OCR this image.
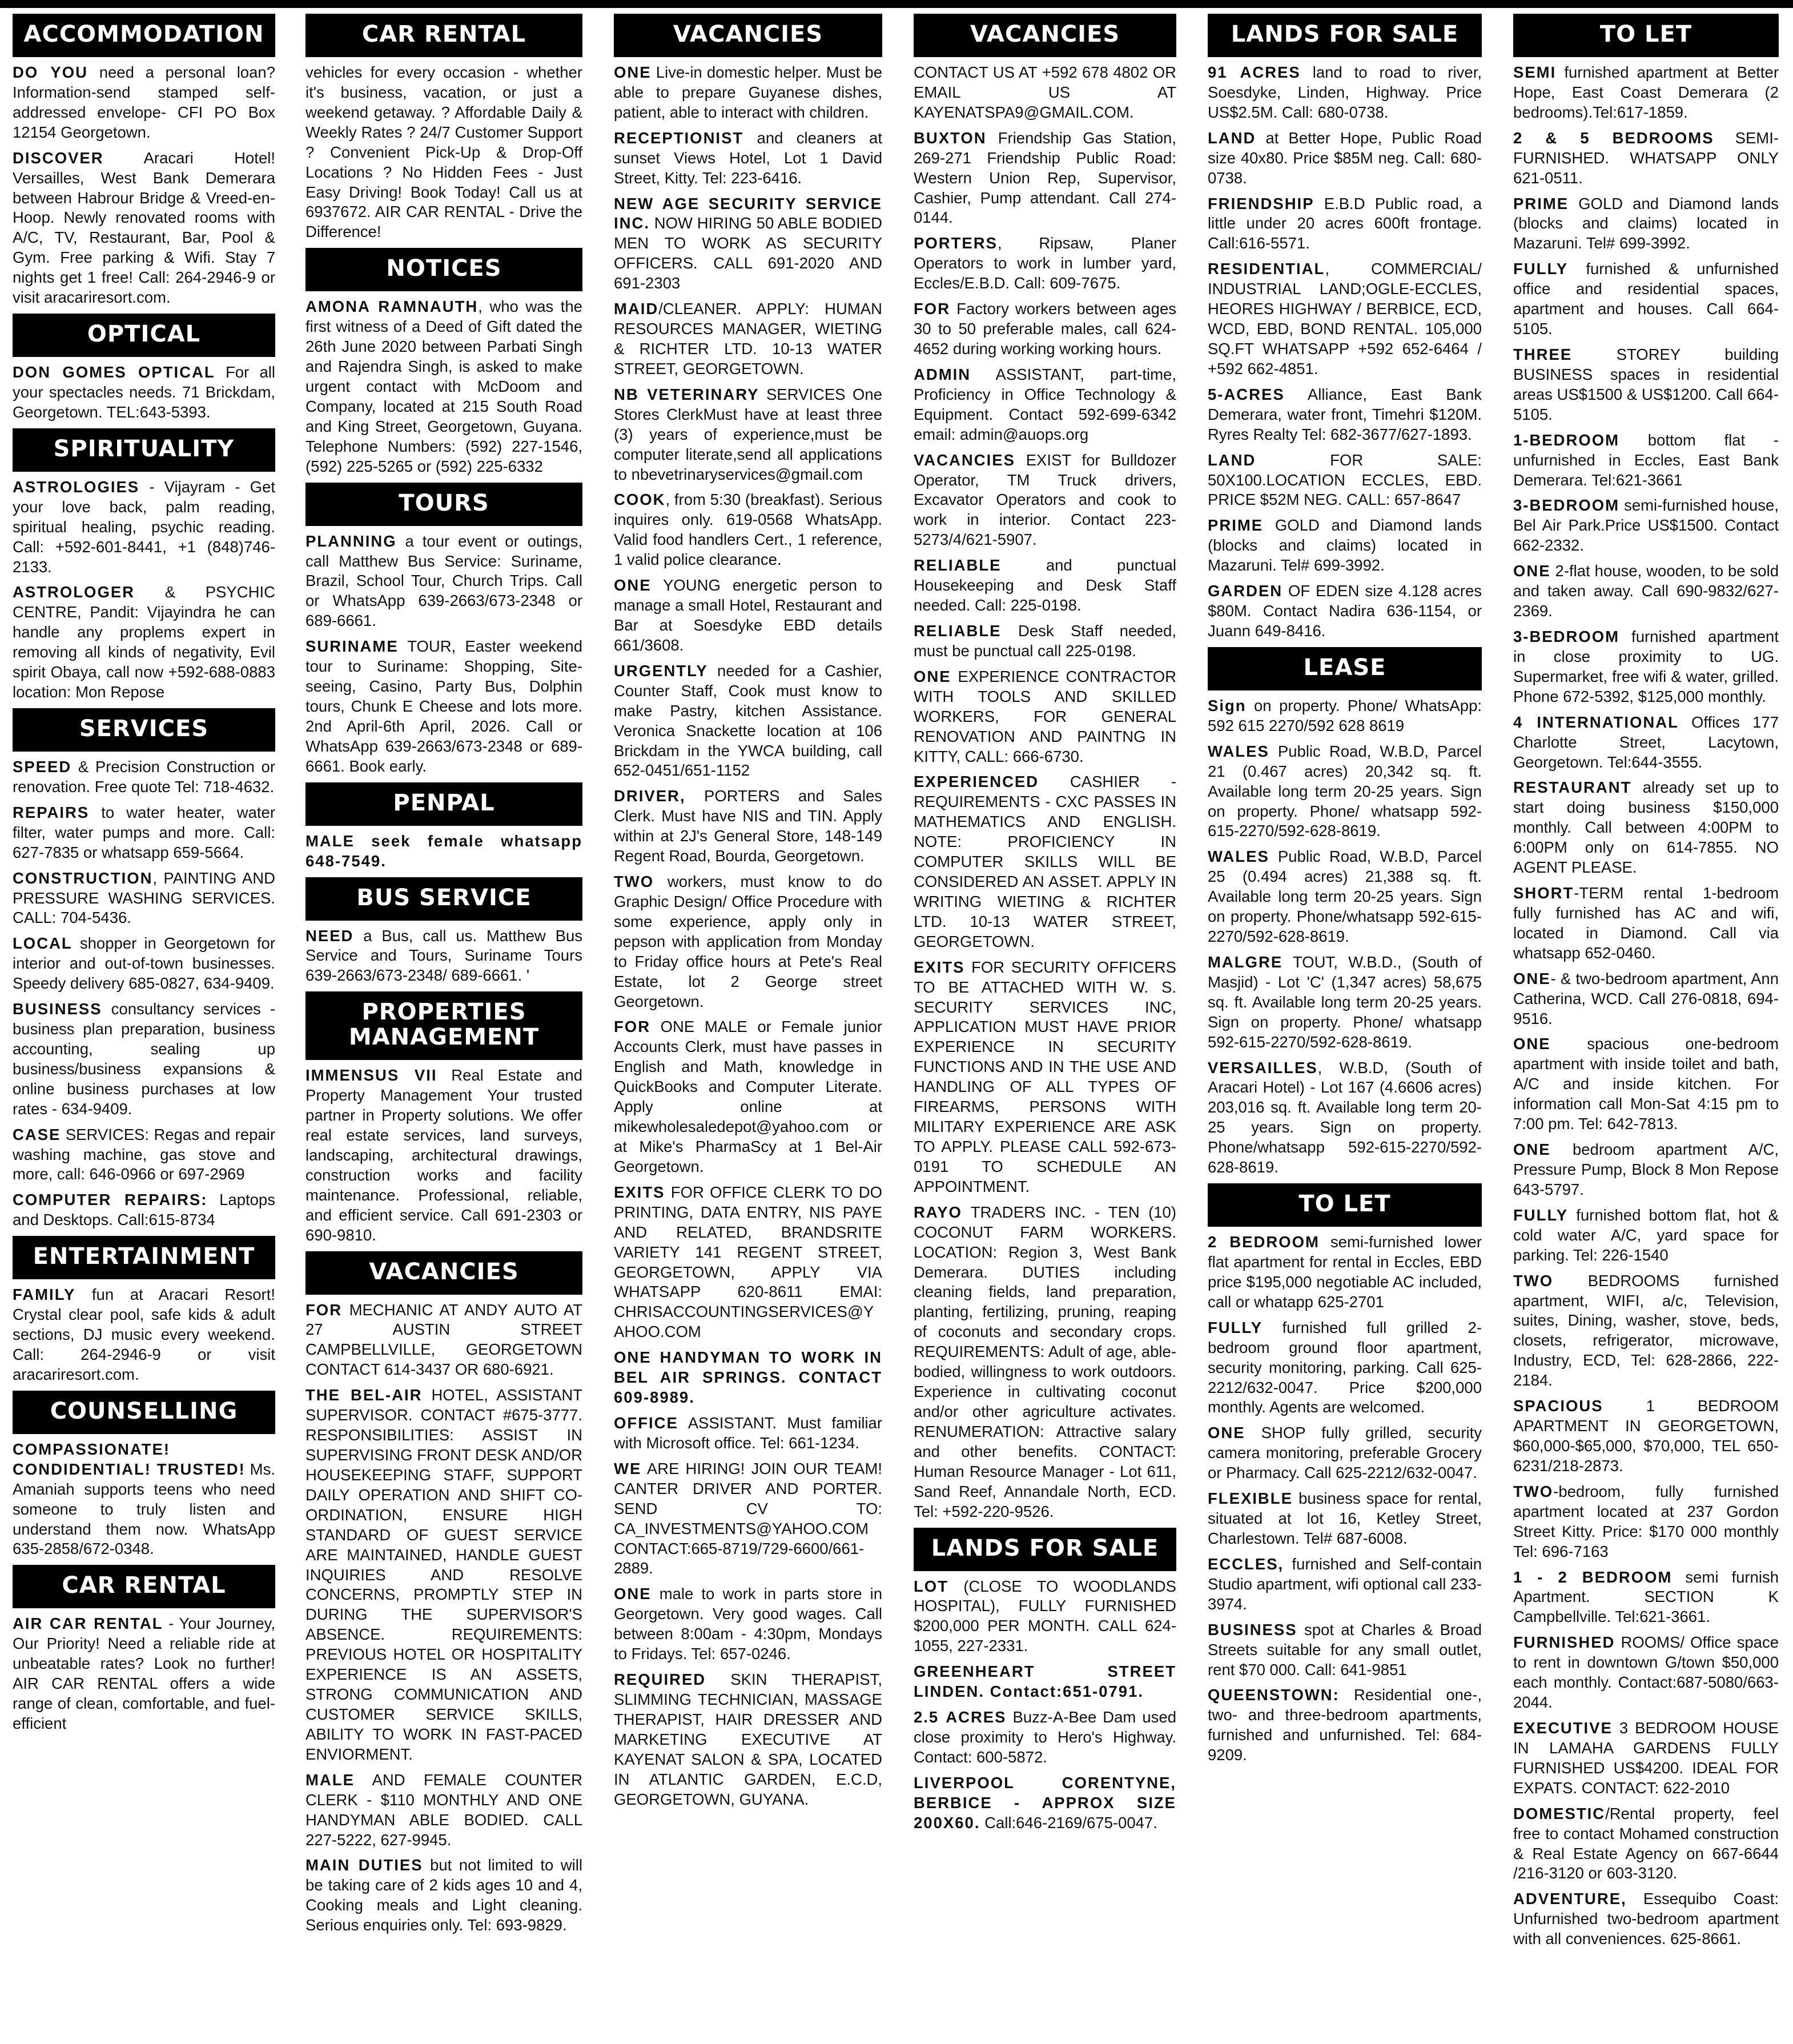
ACCOMMODATION
DO YOU need a personal loan? Information-send stamped self-addressed envelope- CFI PO Box 12154 Georgetown.
DISCOVER Aracari Hotel! Versailles, West Bank Demerara between Habrour Bridge & Vreed-en-Hoop. Newly renovated rooms with A/C, TV, Restaurant, Bar, Pool & Gym. Free parking & Wifi. Stay 7 nights get 1 free! Call: 264-2946-9 or visit aracariresort.com.
OPTICAL
DON GOMES OPTICAL For all your spectacles needs. 71 Brickdam, Georgetown. TEL:643-5393.
SPIRITUALITY
ASTROLOGIES - Vijayram - Get your love back, palm reading, spiritual healing, psychic reading. Call: +592-601-8441, +1 (848)746-2133.
ASTROLOGER & PSYCHIC CENTRE, Pandit: Vijayindra he can handle any proplems expert in removing all kinds of negativity, Evil spirit Obaya, call now +592-688-0883 location: Mon Repose
SERVICES
SPEED & Precision Construction or renovation. Free quote Tel: 718-4632.
REPAIRS to water heater, water filter, water pumps and more. Call: 627-7835 or whatsapp 659-5664.
CONSTRUCTION, PAINTING AND PRESSURE WASHING SERVICES. CALL: 704-5436.
LOCAL shopper in Georgetown for interior and out-of-town businesses. Speedy delivery 685-0827, 634-9409.
BUSINESS consultancy services - business plan preparation, business accounting, sealing up business/business expansions & online business purchases at low rates - 634-9409.
CASE SERVICES: Regas and repair washing machine, gas stove and more, call: 646-0966 or 697-2969
COMPUTER REPAIRS: Laptops and Desktops. Call:615-8734
ENTERTAINMENT
FAMILY fun at Aracari Resort! Crystal clear pool, safe kids & adult sections, DJ music every weekend. Call: 264-2946-9 or visit aracariresort.com.
COUNSELLING
COMPASSIONATE! CONDIDENTIAL! TRUSTED! Ms. Amaniah supports teens who need someone to truly listen and understand them now. WhatsApp 635-2858/672-0348.
CAR RENTAL
AIR CAR RENTAL - Your Journey, Our Priority! Need a reliable ride at unbeatable rates? Look no further! AIR CAR RENTAL offers a wide range of clean, comfortable, and fuel-efficient
CAR RENTAL
vehicles for every occasion - whether it's business, vacation, or just a weekend getaway. ? Affordable Daily & Weekly Rates ? 24/7 Customer Support ? Convenient Pick-Up & Drop-Off Locations ? No Hidden Fees - Just Easy Driving! Book Today! Call us at 6937672. AIR CAR RENTAL - Drive the Difference!
NOTICES
AMONA RAMNAUTH, who was the first witness of a Deed of Gift dated the 26th June 2020 between Parbati Singh and Rajendra Singh, is asked to make urgent contact with McDoom and Company, located at 215 South Road and King Street, Georgetown, Guyana. Telephone Numbers: (592) 227-1546, (592) 225-5265 or (592) 225-6332
TOURS
PLANNING a tour event or outings, call Matthew Bus Service: Suriname, Brazil, School Tour, Church Trips. Call or WhatsApp 639-2663/673-2348 or 689-6661.
SURINAME TOUR, Easter weekend tour to Suriname: Shopping, Site-seeing, Casino, Party Bus, Dolphin tours, Chunk E Cheese and lots more. 2nd April-6th April, 2026. Call or WhatsApp 639-2663/673-2348 or 689-6661. Book early.
PENPAL
MALE seek female whatsapp 648-7549.
BUS SERVICE
NEED a Bus, call us. Matthew Bus Service and Tours, Suriname Tours 639-2663/673-2348/ 689-6661. '
PROPERTIES MANAGEMENT
IMMENSUS VII Real Estate and Property Management Your trusted partner in Property solutions. We offer real estate services, land surveys, landscaping, architectural drawings, construction works and facility maintenance. Professional, reliable, and efficient service. Call 691-2303 or 690-9810.
VACANCIES
FOR MECHANIC AT ANDY AUTO AT 27 AUSTIN STREET CAMPBELLVILLE, GEORGETOWN CONTACT 614-3437 OR 680-6921.
THE BEL-AIR HOTEL, ASSISTANT SUPERVISOR. CONTACT #675-3777. RESPONSIBILITIES: ASSIST IN SUPERVISING FRONT DESK AND/OR HOUSEKEEPING STAFF, SUPPORT DAILY OPERATION AND SHIFT CO-ORDINATION, ENSURE HIGH STANDARD OF GUEST SERVICE ARE MAINTAINED, HANDLE GUEST INQUIRIES AND RESOLVE CONCERNS, PROMPTLY STEP IN DURING THE SUPERVISOR'S ABSENCE. REQUIREMENTS: PREVIOUS HOTEL OR HOSPITALITY EXPERIENCE IS AN ASSETS, STRONG COMMUNICATION AND CUSTOMER SERVICE SKILLS, ABILITY TO WORK IN FAST-PACED ENVIORMENT.
MALE AND FEMALE COUNTER CLERK - $110 MONTHLY AND ONE HANDYMAN ABLE BODIED. CALL 227-5222, 627-9945.
MAIN DUTIES but not limited to will be taking care of 2 kids ages 10 and 4, Cooking meals and Light cleaning. Serious enquiries only. Tel: 693-9829.
VACANCIES
ONE Live-in domestic helper. Must be able to prepare Guyanese dishes, patient, able to interact with children.
RECEPTIONIST and cleaners at sunset Views Hotel, Lot 1 David Street, Kitty. Tel: 223-6416.
NEW AGE SECURITY SERVICE INC. NOW HIRING 50 ABLE BODIED MEN TO WORK AS SECURITY OFFICERS. CALL 691-2020 AND 691-2303
MAID/CLEANER. APPLY: HUMAN RESOURCES MANAGER, WIETING & RICHTER LTD. 10-13 WATER STREET, GEORGETOWN.
NB VETERINARY SERVICES One Stores ClerkMust have at least three (3) years of experience,must be computer literate,send all applications to nbevetrinaryservices@gmail.com
COOK, from 5:30 (breakfast). Serious inquires only. 619-0568 WhatsApp. Valid food handlers Cert., 1 reference, 1 valid police clearance.
ONE YOUNG energetic person to manage a small Hotel, Restaurant and Bar at Soesdyke EBD details 661/3608.
URGENTLY needed for a Cashier, Counter Staff, Cook must know to make Pastry, kitchen Assistance. Veronica Snackette location at 106 Brickdam in the YWCA building, call 652-0451/651-1152
DRIVER, PORTERS and Sales Clerk. Must have NIS and TIN. Apply within at 2J's General Store, 148-149 Regent Road, Bourda, Georgetown.
TWO workers, must know to do Graphic Design/ Office Procedure with some experience, apply only in pepson with application from Monday to Friday office hours at Pete's Real Estate, lot 2 George street Georgetown.
FOR ONE MALE or Female junior Accounts Clerk, must have passes in English and Math, knowledge in QuickBooks and Computer Literate. Apply online at mikewholesaledepot@yahoo.com or at Mike's PharmaScy at 1 Bel-Air Georgetown.
EXITS FOR OFFICE CLERK TO DO PRINTING, DATA ENTRY, NIS PAYE AND RELATED, BRANDSRITE VARIETY 141 REGENT STREET, GEORGETOWN, APPLY VIA WHATSAPP 620-8611 EMAI: CHRISACCOUNTINGSERVICES@YAHOO.COM
ONE HANDYMAN TO WORK IN BEL AIR SPRINGS. CONTACT 609-8989.
OFFICE ASSISTANT. Must familiar with Microsoft office. Tel: 661-1234.
WE ARE HIRING! JOIN OUR TEAM! CANTER DRIVER AND PORTER. SEND CV TO: CA_INVESTMENTS@YAHOO.COM CONTACT:665-8719/729-6600/661-2889.
ONE male to work in parts store in Georgetown. Very good wages. Call between 8:00am - 4:30pm, Mondays to Fridays. Tel: 657-0246.
REQUIRED SKIN THERAPIST, SLIMMING TECHNICIAN, MASSAGE THERAPIST, HAIR DRESSER AND MARKETING EXECUTIVE AT KAYENAT SALON & SPA, LOCATED IN ATLANTIC GARDEN, E.C.D, GEORGETOWN, GUYANA.
VACANCIES
CONTACT US AT +592 678 4802 OR EMAIL US AT KAYENATSPA9@GMAIL.COM.
BUXTON Friendship Gas Station, 269-271 Friendship Public Road: Western Union Rep, Supervisor, Cashier, Pump attendant. Call 274-0144.
PORTERS, Ripsaw, Planer Operators to work in lumber yard, Eccles/E.B.D. Call: 609-7675.
FOR Factory workers between ages 30 to 50 preferable males, call 624-4652 during working working hours.
ADMIN ASSISTANT, part-time, Proficiency in Office Technology & Equipment. Contact 592-699-6342 email: admin@auops.org
VACANCIES EXIST for Bulldozer Operator, TM Truck drivers, Excavator Operators and cook to work in interior. Contact 223-5273/4/621-5907.
RELIABLE and punctual Housekeeping and Desk Staff needed. Call: 225-0198.
RELIABLE Desk Staff needed, must be punctual call 225-0198.
ONE EXPERIENCE CONTRACTOR WITH TOOLS AND SKILLED WORKERS, FOR GENERAL RENOVATION AND PAINTNG IN KITTY, CALL: 666-6730.
EXPERIENCED CASHIER - REQUIREMENTS - CXC PASSES IN MATHEMATICS AND ENGLISH. NOTE: PROFICIENCY IN COMPUTER SKILLS WILL BE CONSIDERED AN ASSET. APPLY IN WRITING WIETING & RICHTER LTD. 10-13 WATER STREET, GEORGETOWN.
EXITS FOR SECURITY OFFICERS TO BE ATTACHED WITH W. S. SECURITY SERVICES INC, APPLICATION MUST HAVE PRIOR EXPERIENCE IN SECURITY FUNCTIONS AND IN THE USE AND HANDLING OF ALL TYPES OF FIREARMS, PERSONS WITH MILITARY EXPERIENCE ARE ASK TO APPLY. PLEASE CALL 592-673-0191 TO SCHEDULE AN APPOINTMENT.
RAYO TRADERS INC. - TEN (10) COCONUT FARM WORKERS. LOCATION: Region 3, West Bank Demerara. DUTIES including cleaning fields, land preparation, planting, fertilizing, pruning, reaping of coconuts and secondary crops. REQUIREMENTS: Adult of age, able-bodied, willingness to work outdoors. Experience in cultivating coconut and/or other agriculture activates. RENUMERATION: Attractive salary and other benefits. CONTACT: Human Resource Manager - Lot 611, Sand Reef, Annandale North, ECD. Tel: +592-220-9526.
LANDS FOR SALE
LOT (CLOSE TO WOODLANDS HOSPITAL), FULLY FURNISHED $200,000 PER MONTH. CALL 624-1055, 227-2331.
GREENHEART STREET LINDEN. Contact:651-0791.
2.5 ACRES Buzz-A-Bee Dam used close proximity to Hero's Highway. Contact: 600-5872.
LIVERPOOL CORENTYNE, BERBICE - APPROX SIZE 200X60. Call:646-2169/675-0047.
LANDS FOR SALE
91 ACRES land to road to river, Soesdyke, Linden, Highway. Price US$2.5M. Call: 680-0738.
LAND at Better Hope, Public Road size 40x80. Price $85M neg. Call: 680-0738.
FRIENDSHIP E.B.D Public road, a little under 20 acres 600ft frontage. Call:616-5571.
RESIDENTIAL, COMMERCIAL/ INDUSTRIAL LAND;OGLE-ECCLES, HEORES HIGHWAY / BERBICE, ECD, WCD, EBD, BOND RENTAL. 105,000 SQ.FT WHATSAPP +592 652-6464 / +592 662-4851.
5-ACRES Alliance, East Bank Demerara, water front, Timehri $120M. Ryres Realty Tel: 682-3677/627-1893.
LAND FOR SALE: 50X100.LOCATION ECCLES, EBD. PRICE $52M NEG. CALL: 657-8647
PRIME GOLD and Diamond lands (blocks and claims) located in Mazaruni. Tel# 699-3992.
GARDEN OF EDEN size 4.128 acres $80M. Contact Nadira 636-1154, or Juann 649-8416.
LEASE
Sign on property. Phone/ WhatsApp: 592 615 2270/592 628 8619
WALES Public Road, W.B.D, Parcel 21 (0.467 acres) 20,342 sq. ft. Available long term 20-25 years. Sign on property. Phone/ whatsapp 592-615-2270/592-628-8619.
WALES Public Road, W.B.D, Parcel 25 (0.494 acres) 21,388 sq. ft. Available long term 20-25 years. Sign on property. Phone/whatsapp 592-615-2270/592-628-8619.
MALGRE TOUT, W.B.D., (South of Masjid) - Lot 'C' (1,347 acres) 58,675 sq. ft. Available long term 20-25 years. Sign on property. Phone/ whatsapp 592-615-2270/592-628-8619.
VERSAILLES, W.B.D, (South of Aracari Hotel) - Lot 167 (4.6606 acres) 203,016 sq. ft. Available long term 20-25 years. Sign on property. Phone/whatsapp 592-615-2270/592-628-8619.
TO LET
2 BEDROOM semi-furnished lower flat apartment for rental in Eccles, EBD price $195,000 negotiable AC included, call or whatapp 625-2701
FULLY furnished full grilled 2-bedroom ground floor apartment, security monitoring, parking. Call 625-2212/632-0047. Price $200,000 monthly. Agents are welcomed.
ONE SHOP fully grilled, security camera monitoring, preferable Grocery or Pharmacy. Call 625-2212/632-0047.
FLEXIBLE business space for rental, situated at lot 16, Ketley Street, Charlestown. Tel# 687-6008.
ECCLES, furnished and Self-contain Studio apartment, wifi optional call 233-3974.
BUSINESS spot at Charles & Broad Streets suitable for any small outlet, rent $70 000. Call: 641-9851
QUEENSTOWN: Residential one-, two- and three-bedroom apartments, furnished and unfurnished. Tel: 684-9209.
TO LET
SEMI furnished apartment at Better Hope, East Coast Demerara (2 bedrooms).Tel:617-1859.
2 & 5 BEDROOMS SEMI-FURNISHED. WHATSAPP ONLY 621-0511.
PRIME GOLD and Diamond lands (blocks and claims) located in Mazaruni. Tel# 699-3992.
FULLY furnished & unfurnished office and residential spaces, apartment and houses. Call 664-5105.
THREE STOREY building BUSINESS spaces in residential areas US$1500 & US$1200. Call 664-5105.
1-BEDROOM bottom flat - unfurnished in Eccles, East Bank Demerara. Tel:621-3661
3-BEDROOM semi-furnished house, Bel Air Park.Price US$1500. Contact 662-2332.
ONE 2-flat house, wooden, to be sold and taken away. Call 690-9832/627-2369.
3-BEDROOM furnished apartment in close proximity to UG. Supermarket, free wifi & water, grilled. Phone 672-5392, $125,000 monthly.
4 INTERNATIONAL Offices 177 Charlotte Street, Lacytown, Georgetown. Tel:644-3555.
RESTAURANT already set up to start doing business $150,000 monthly. Call between 4:00PM to 6:00PM only on 614-7855. NO AGENT PLEASE.
SHORT-TERM rental 1-bedroom fully furnished has AC and wifi, located in Diamond. Call via whatsapp 652-0460.
ONE- & two-bedroom apartment, Ann Catherina, WCD. Call 276-0818, 694-9516.
ONE spacious one-bedroom apartment with inside toilet and bath, A/C and inside kitchen. For information call Mon-Sat 4:15 pm to 7:00 pm. Tel: 642-7813.
ONE bedroom apartment A/C, Pressure Pump, Block 8 Mon Repose 643-5797.
FULLY furnished bottom flat, hot & cold water A/C, yard space for parking. Tel: 226-1540
TWO BEDROOMS furnished apartment, WIFI, a/c, Television, suites, Dining, washer, stove, beds, closets, refrigerator, microwave, Industry, ECD, Tel: 628-2866, 222-2184.
SPACIOUS 1 BEDROOM APARTMENT IN GEORGETOWN, $60,000-$65,000, $70,000, TEL 650-6231/218-2873.
TWO-bedroom, fully furnished apartment located at 237 Gordon Street Kitty. Price: $170 000 monthly Tel: 696-7163
1 - 2 BEDROOM semi furnish Apartment. SECTION K Campbellville. Tel:621-3661.
FURNISHED ROOMS/ Office space to rent in downtown G/town $50,000 each monthly. Contact:687-5080/663-2044.
EXECUTIVE 3 BEDROOM HOUSE IN LAMAHA GARDENS FULLY FURNISHED US$4200. IDEAL FOR EXPATS. CONTACT: 622-2010
DOMESTIC/Rental property, feel free to contact Mohamed construction & Real Estate Agency on 667-6644 /216-3120 or 603-3120.
ADVENTURE, Essequibo Coast: Unfurnished two-bedroom apartment with all conveniences. 625-8661.
